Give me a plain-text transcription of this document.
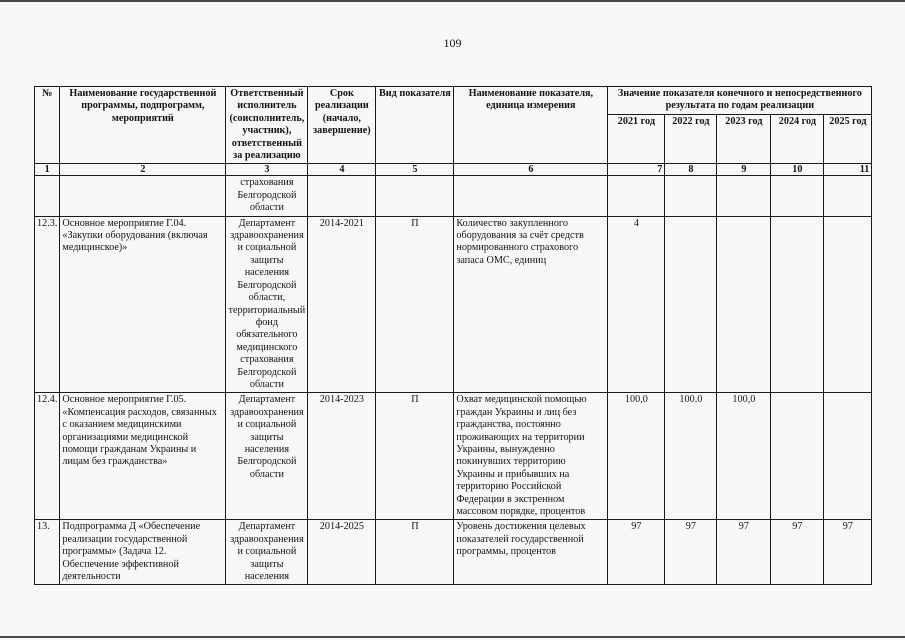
109
№	Наименование государственной программы, подпрограмм, мероприятий	Ответственный исполнитель (соисполнитель, участник), ответственный за реализацию	Срок реализации (начало, завершение)	Вид показателя	Наименование показателя, единица измерения	Значение показателя конечного и непосредственного результата по годам реализации				
						2021 год	2022 год	2023 год	2024 год	2025 год
1	2	3	4	5	6	7	8	9	10	11
		страхования Белгородской области								
12.3.	Основное мероприятие Г.04. «Закупки оборудования (включая медицинское)»	Департамент здравоохранения и социальной защиты населения Белгородской области, территориальный фонд обязательного медицинского страхования Белгородской области	2014-2021	П	Количество закупленного оборудования за счёт средств нормированного страхового запаса ОМС, единиц	4				
12.4.	Основное мероприятие Г.05. «Компенсация расходов, связанных с оказанием медицинскими организациями медицинской помощи гражданам Украины и лицам без гражданства»	Департамент здравоохранения и социальной защиты населения Белгородской области	2014-2023	П	Охват медицинской помощью граждан Украины и лиц без гражданства, постоянно проживающих на территории Украины, вынужденно покинувших территорию Украины и прибывших на территорию Российской Федерации в экстренном массовом порядке, процентов	100,0	100.0	100,0		
13.	Подпрограмма Д «Обеспечение реализации государственной программы» (Задача 12. Обеспечение эффективной деятельности	Департамент здравоохранения и социальной защиты населения	2014-2025	П	Уровень достижения целевых показателей государственной программы, процентов	97	97	97	97	97
